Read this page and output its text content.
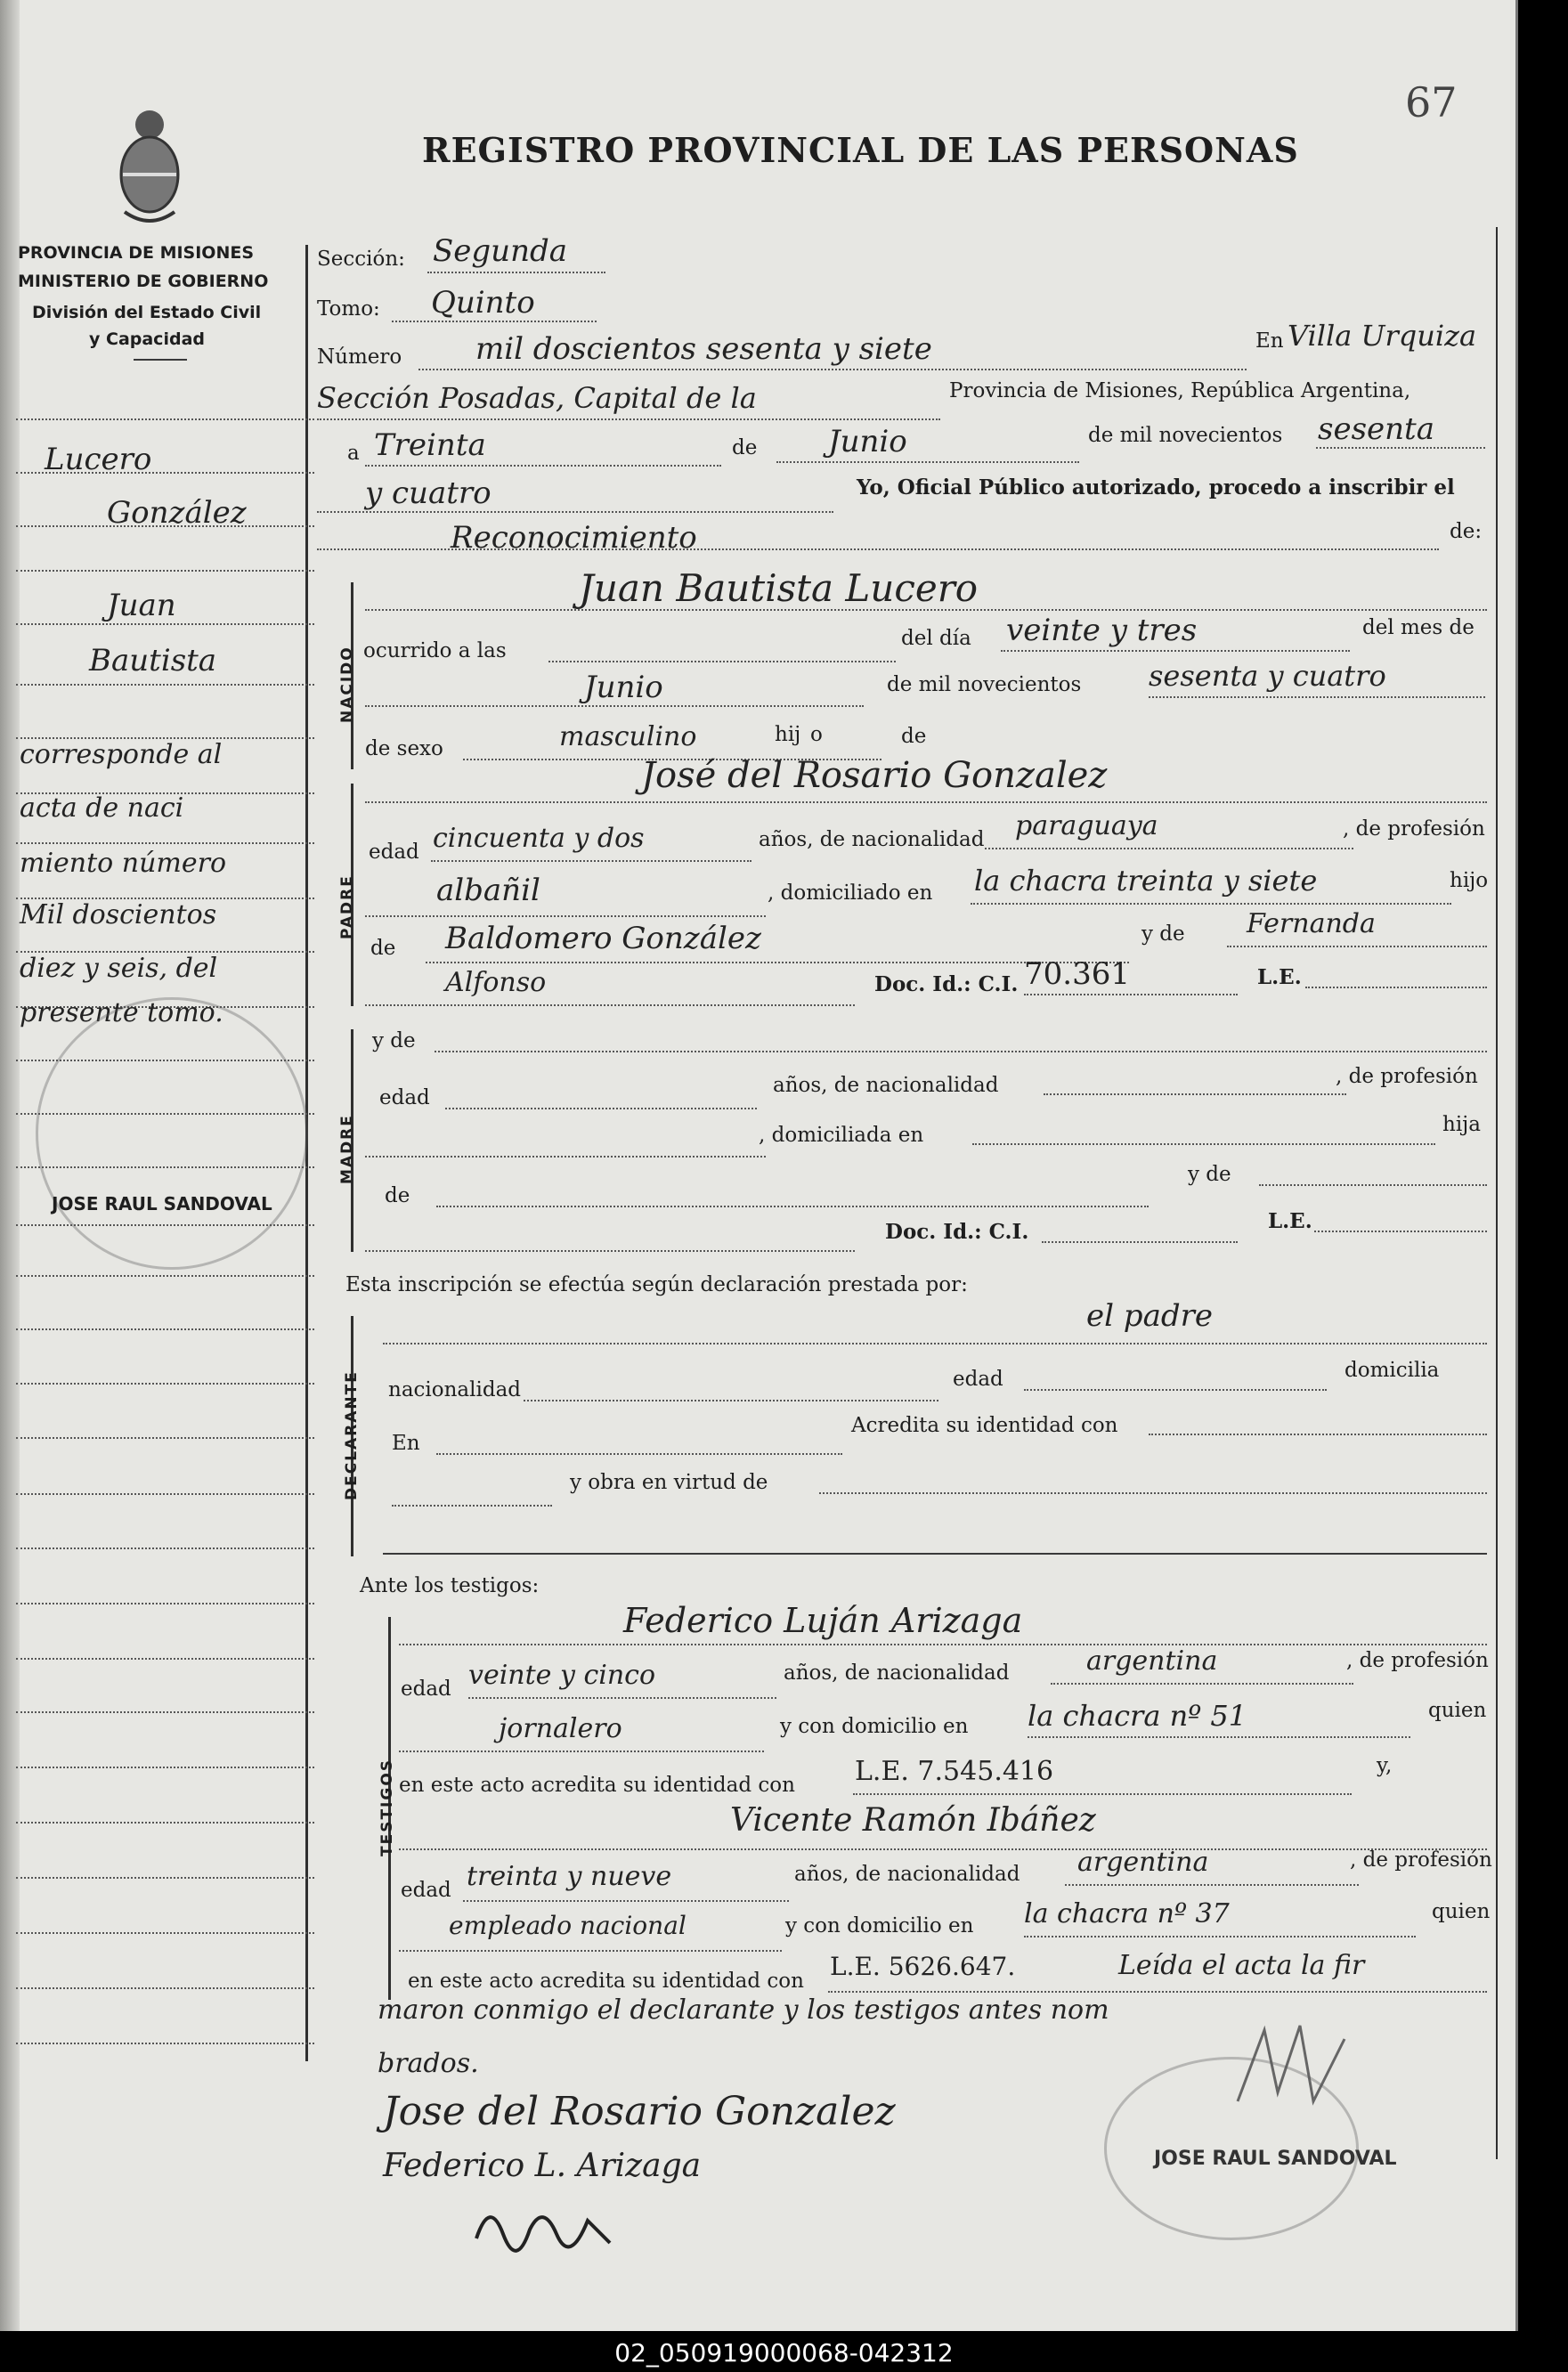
67
REGISTRO PROVINCIAL DE LAS PERSONAS
PROVINCIA DE MISIONES
MINISTERIO DE GOBIERNO
División del Estado Civil
y Capacidad
Lucero
González
Juan
Bautista
corresponde al
acta de naci
miento número
Mil doscientos
diez y seis, del
presente tomo.
JOSE RAUL SANDOVAL
Sección: Segunda
Tomo: Quinto
Número mil doscientos sesenta y siete	En Villa Urquiza
Sección Posadas, Capital de la	Provincia de Misiones, República Argentina,
a Treinta	de Junio	de mil novecientos sesenta
y cuatro	Yo, Oficial Público autorizado, procedo a inscribir el
Reconocimiento	de:
NACIDO
Juan Bautista Lucero
ocurrido a las
del día veinte y tres	del mes de
Junio	de mil novecientos sesenta y cuatro
de sexo	masculino	hij o	de
PADRE
José del Rosario Gonzalez
edad cincuenta y dos	años, de nacionalidad paraguaya	, de profesión
albañil	, domiciliado en la chacra treinta y siete	hijo
de Baldomero González	y de Fernanda
Alfonso	Doc. Id.: C.I. 70.361	L.E.
MADRE
y de
edad
años, de nacionalidad	, de profesión
, domiciliada en	hija
de
y de
Doc. Id.: C.I.	L.E.
Esta inscripción se efectúa según declaración prestada por:
DECLARANTE
el padre
nacionalidad	edad	domicilia
En
Acredita su identidad con
y obra en virtud de
Ante los testigos:
TESTIGOS
Federico Luján Arizaga
edad veinte y cinco	años, de nacionalidad	argentina	, de profesión
jornalero	y con domicilio en la chacra nº 51	quien
en este acto acredita su identidad con L.E. 7.545.416	y,
Vicente Ramón Ibáñez
edad treinta y nueve	años, de nacionalidad argentina	, de profesión
empleado nacional	y con domicilio en la chacra nº 37	quien
en este acto acredita su identidad con L.E. 5626.647.	Leída el acta la fir
maron conmigo el declarante y los testigos antes nom
brados.
Jose del Rosario Gonzalez
Federico L. Arizaga	JOSE RAUL SANDOVAL
02_050919000068-042312
